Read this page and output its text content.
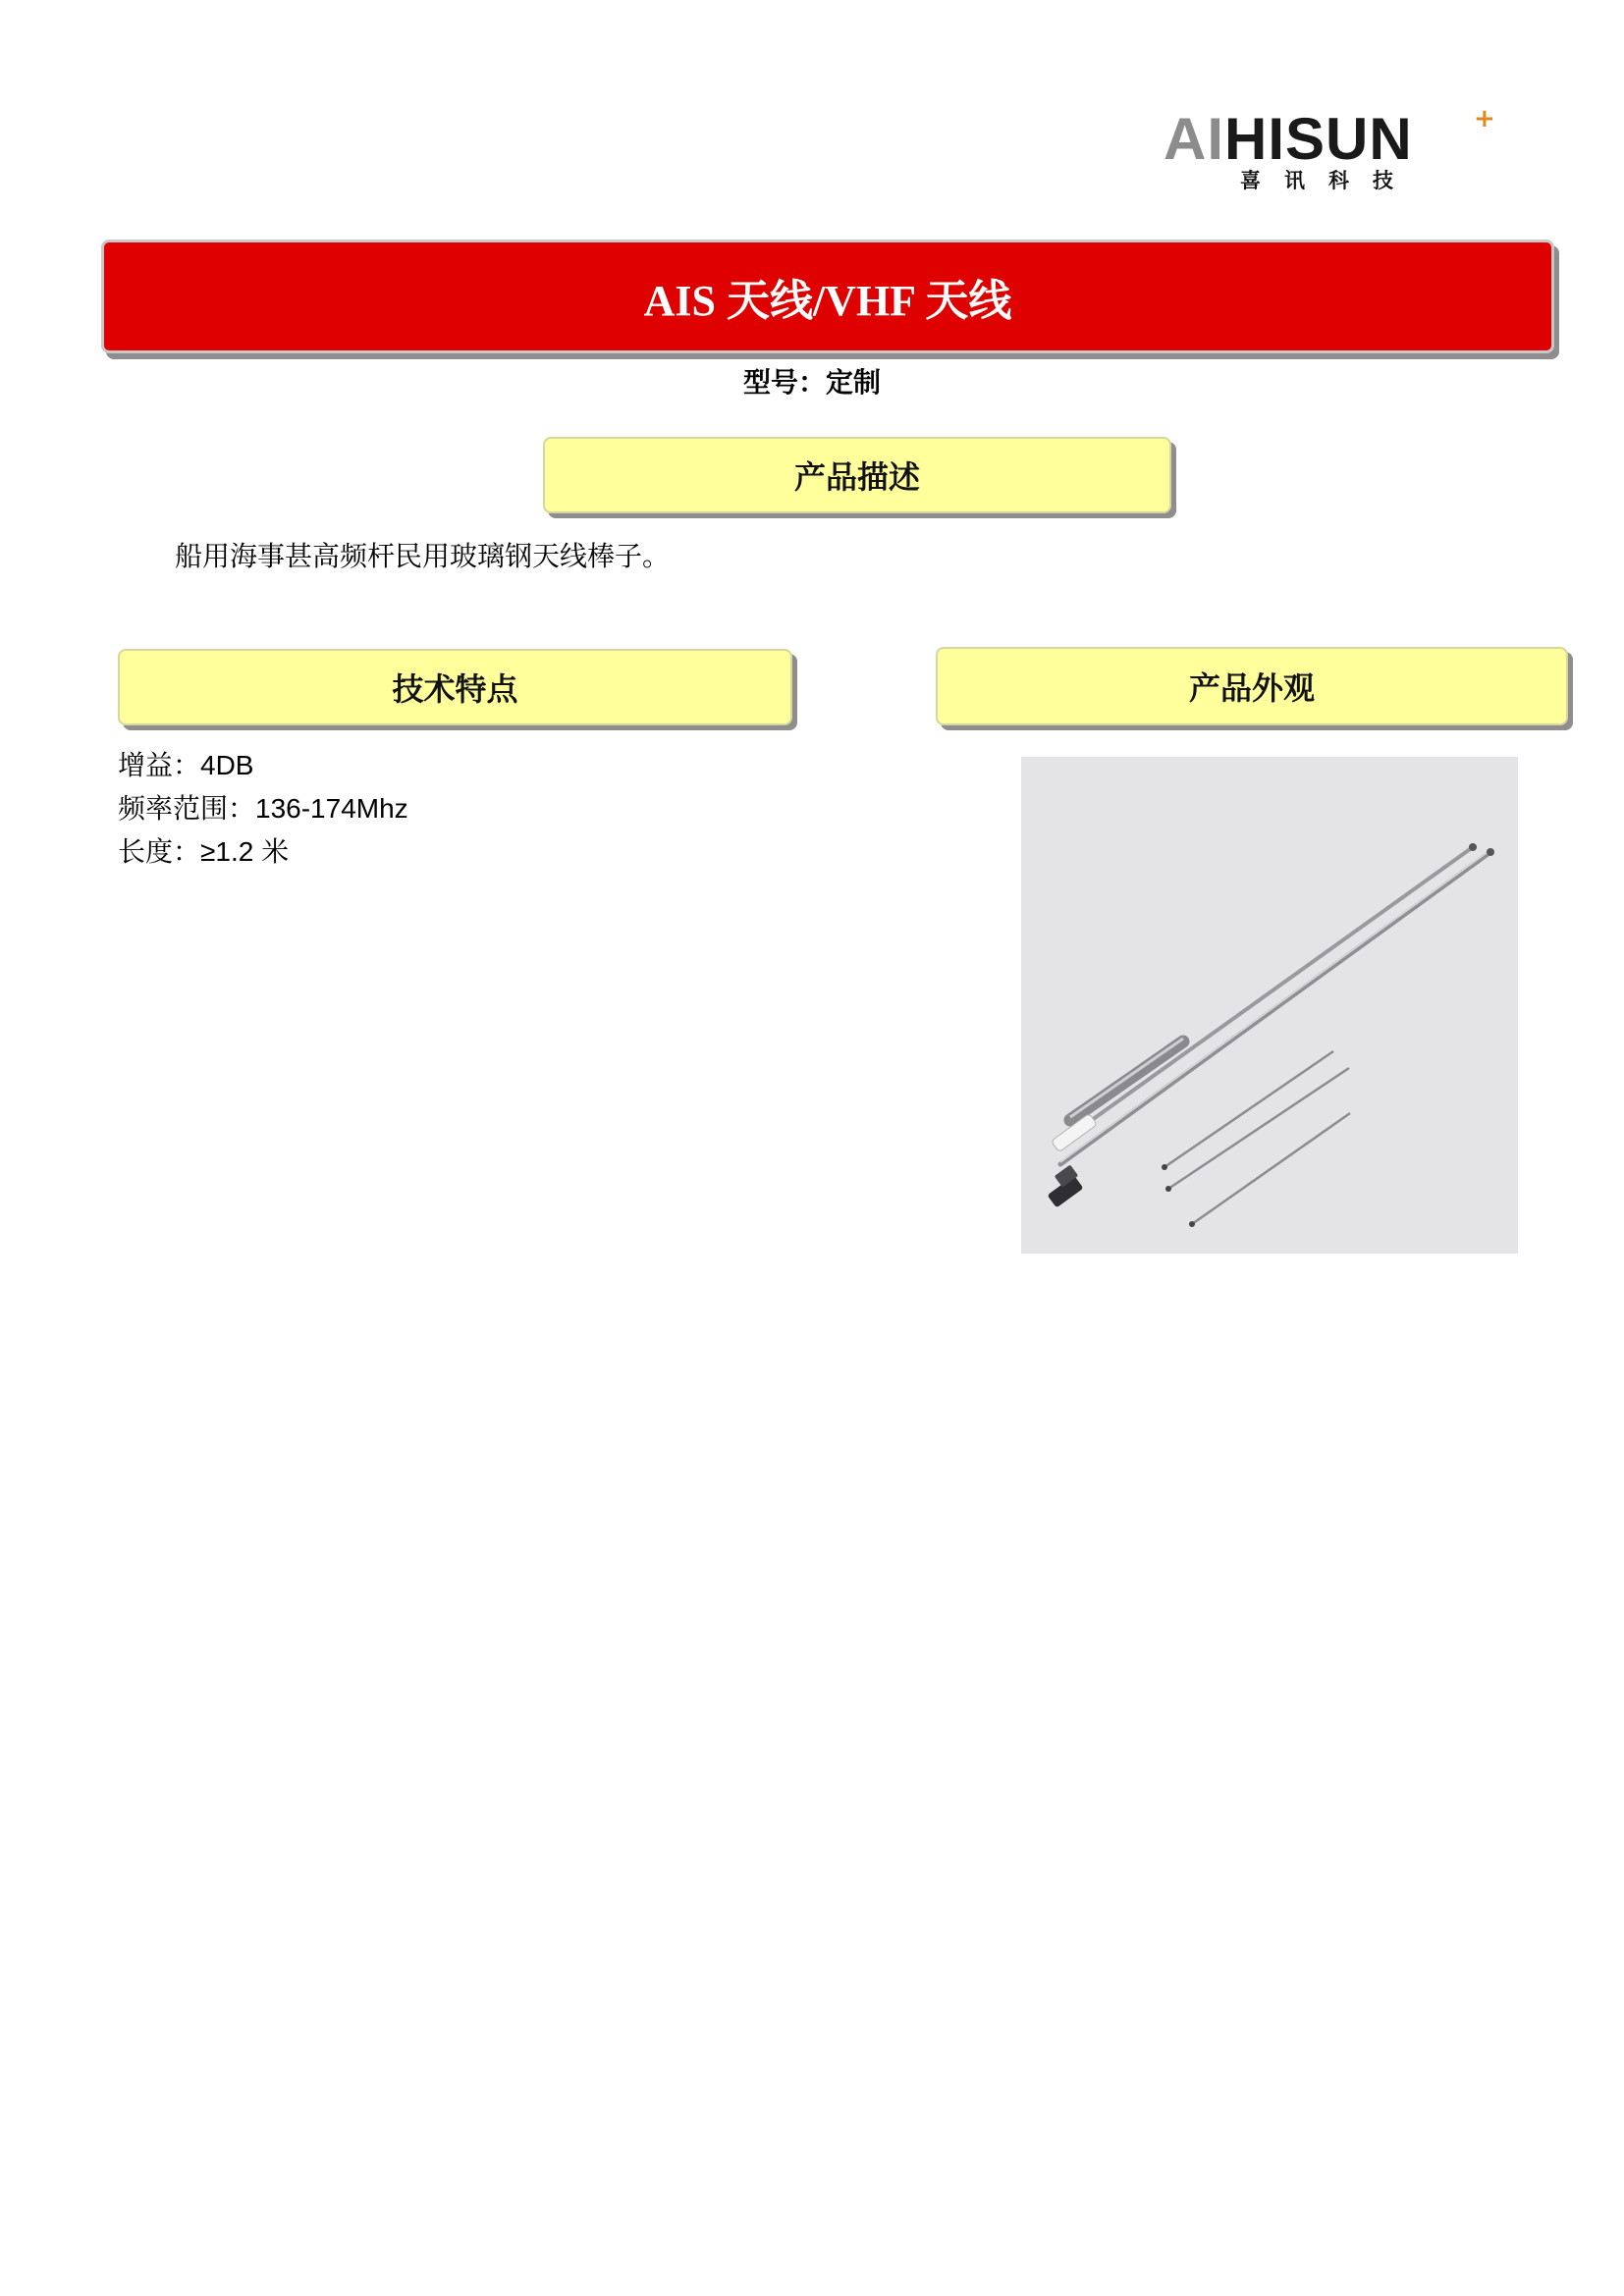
AIHISUN +
喜讯科技
AIS 天线/VHF 天线
型号：定制
产品描述
船用海事甚高频杆民用玻璃钢天线棒子。
技术特点
增益：4DB
频率范围：136-174Mhz
长度：≥1.2 米
产品外观
